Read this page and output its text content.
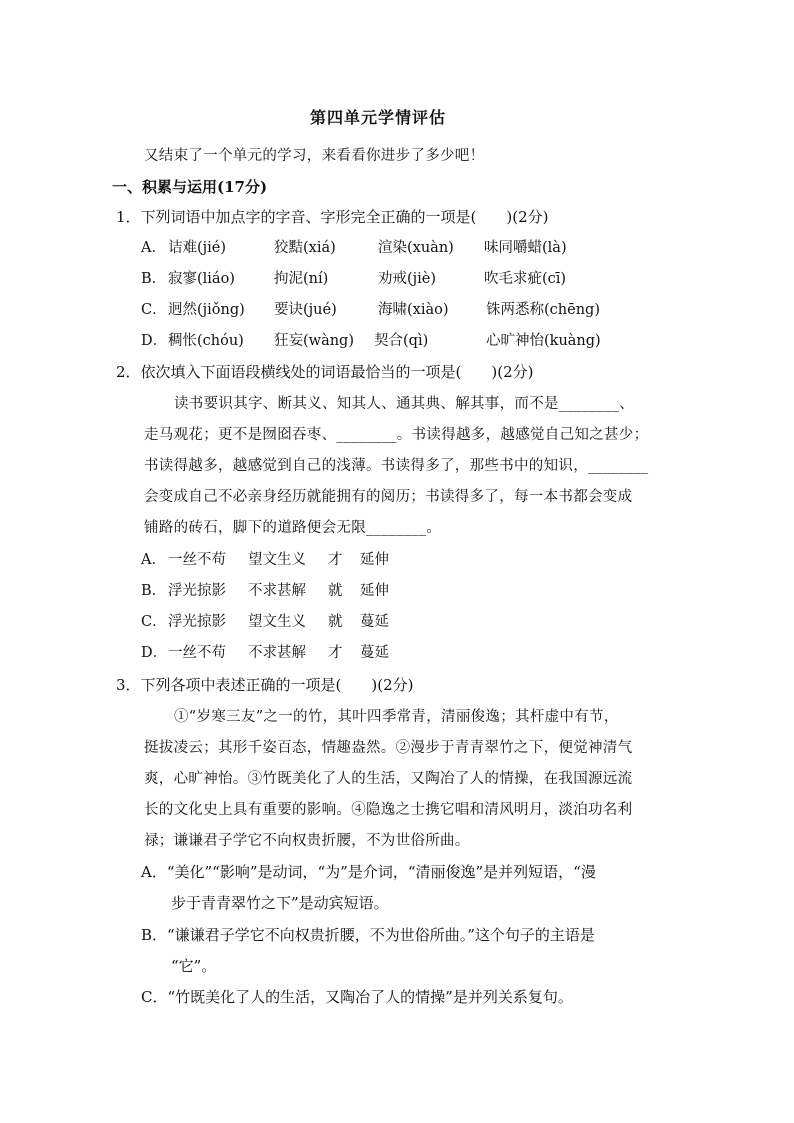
第四单元学情评估
又结束了一个单元的学习，来看看你进步了多少吧！
一、积累与运用(17分)
1．下列词语中加点字的字音、字形完全正确的一项是(　　)(2分)
A． 诘难(jié)	狡黠(xiá)	渲染(xuàn) 味同嚼蜡(là)
B． 寂寥(liáo)	拘泥(ní)	劝戒(jiè)	吹毛求疵(cī)
C． 迥然(jiǒng) 要诀(jué)	海啸(xiào)	铢两悉称(chēng)
D． 稠怅(chóu) 狂妄(wàng) 契合(qì)	心旷神怡(kuàng)
2．依次填入下面语段横线处的词语最恰当的一项是(　　)(2分)
读书要识其字、断其义、知其人、通其典、解其事，而不是________、
走马观花；更不是囫囵吞枣、________。书读得越多，越感觉自己知之甚少；
书读得越多，越感觉到自己的浅薄。书读得多了，那些书中的知识，________
会变成自己不必亲身经历就能拥有的阅历；书读得多了，每一本书都会变成
铺路的砖石，脚下的道路便会无限________。
A． 一丝不苟 望文生义 才 延伸
B． 浮光掠影 不求甚解 就 延伸
C． 浮光掠影 望文生义 就 蔓延
D． 一丝不苟 不求甚解 才 蔓延
3．下列各项中表述正确的一项是(　　)(2分)
①“岁寒三友”之一的竹，其叶四季常青，清丽俊逸；其杆虚中有节，
挺拔凌云；其形千姿百态，情趣盎然。②漫步于青青翠竹之下，便觉神清气
爽，心旷神怡。③竹既美化了人的生活，又陶冶了人的情操，在我国源远流
长的文化史上具有重要的影响。④隐逸之士携它唱和清风明月，淡泊功名利
禄；谦谦君子学它不向权贵折腰，不为世俗所曲。
A．“美化”“影响”是动词，“为”是介词，“清丽俊逸”是并列短语，“漫
步于青青翠竹之下”是动宾短语。
B．“谦谦君子学它不向权贵折腰，不为世俗所曲。”这个句子的主语是
“它”。
C．“竹既美化了人的生活，又陶冶了人的情操”是并列关系复句。
